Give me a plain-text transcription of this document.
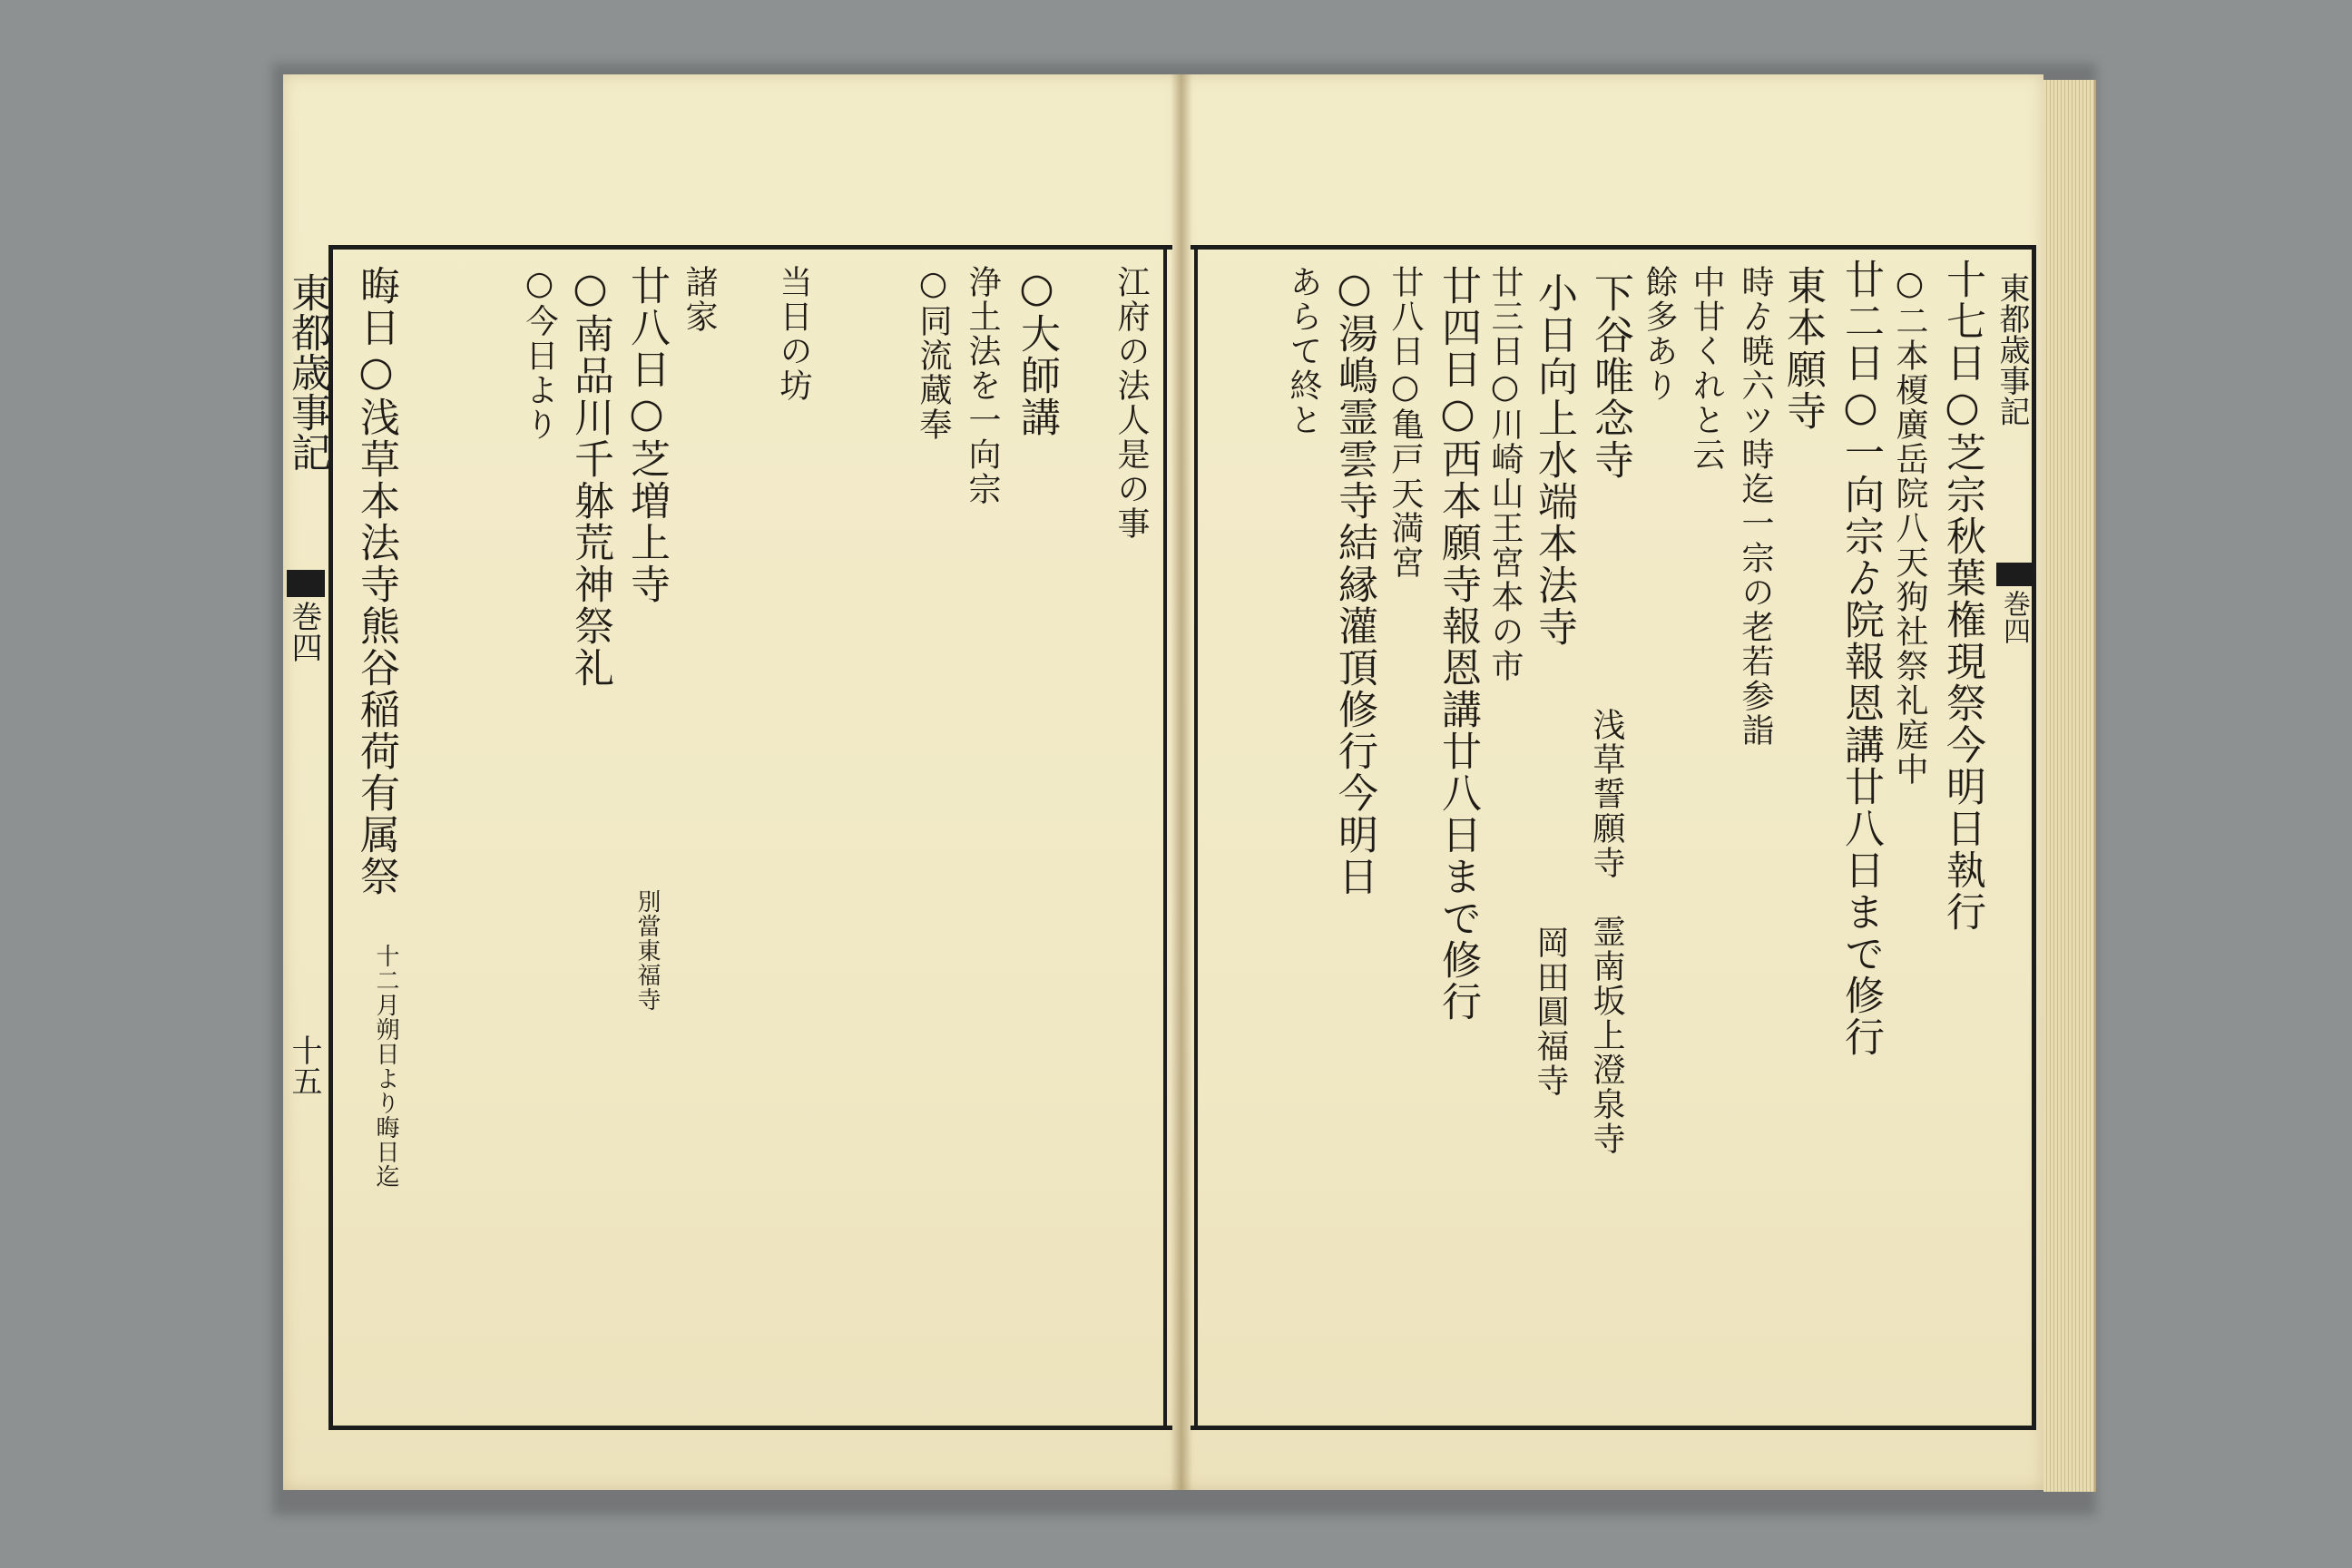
東都歳事記
巻四
十五
東都歳事記
巻四
十七日○芝宗秋葉権現祭今明日執行
○二本榎廣岳院八天狗社祭礼庭中
廿二日○一向宗ゟ院報恩講廿八日まで修行
東本願寺
時ゟ暁六ツ時迄一宗の老若参詣
中甘くれと云
餘多あり
下谷唯念寺
小日向上水端本法寺
廿三日○川崎山王宮本の市
廿四日○西本願寺報恩講廿八日まで修行
廿八日○亀戸天満宮
○湯嶋霊雲寺結縁灌頂修行今明日
あらて終と
浅草誓願寺　霊南坂上澄泉寺
岡田圓福寺
江府の法人是の事
○大師講
浄土法を一向宗
○同流蔵奉
当日の坊
諸家
廿八日○芝増上寺
○南品川千躰荒神祭礼
○今日より
晦日○浅草本法寺熊谷稲荷有属祭
別當東福寺
十二月朔日より晦日迄
